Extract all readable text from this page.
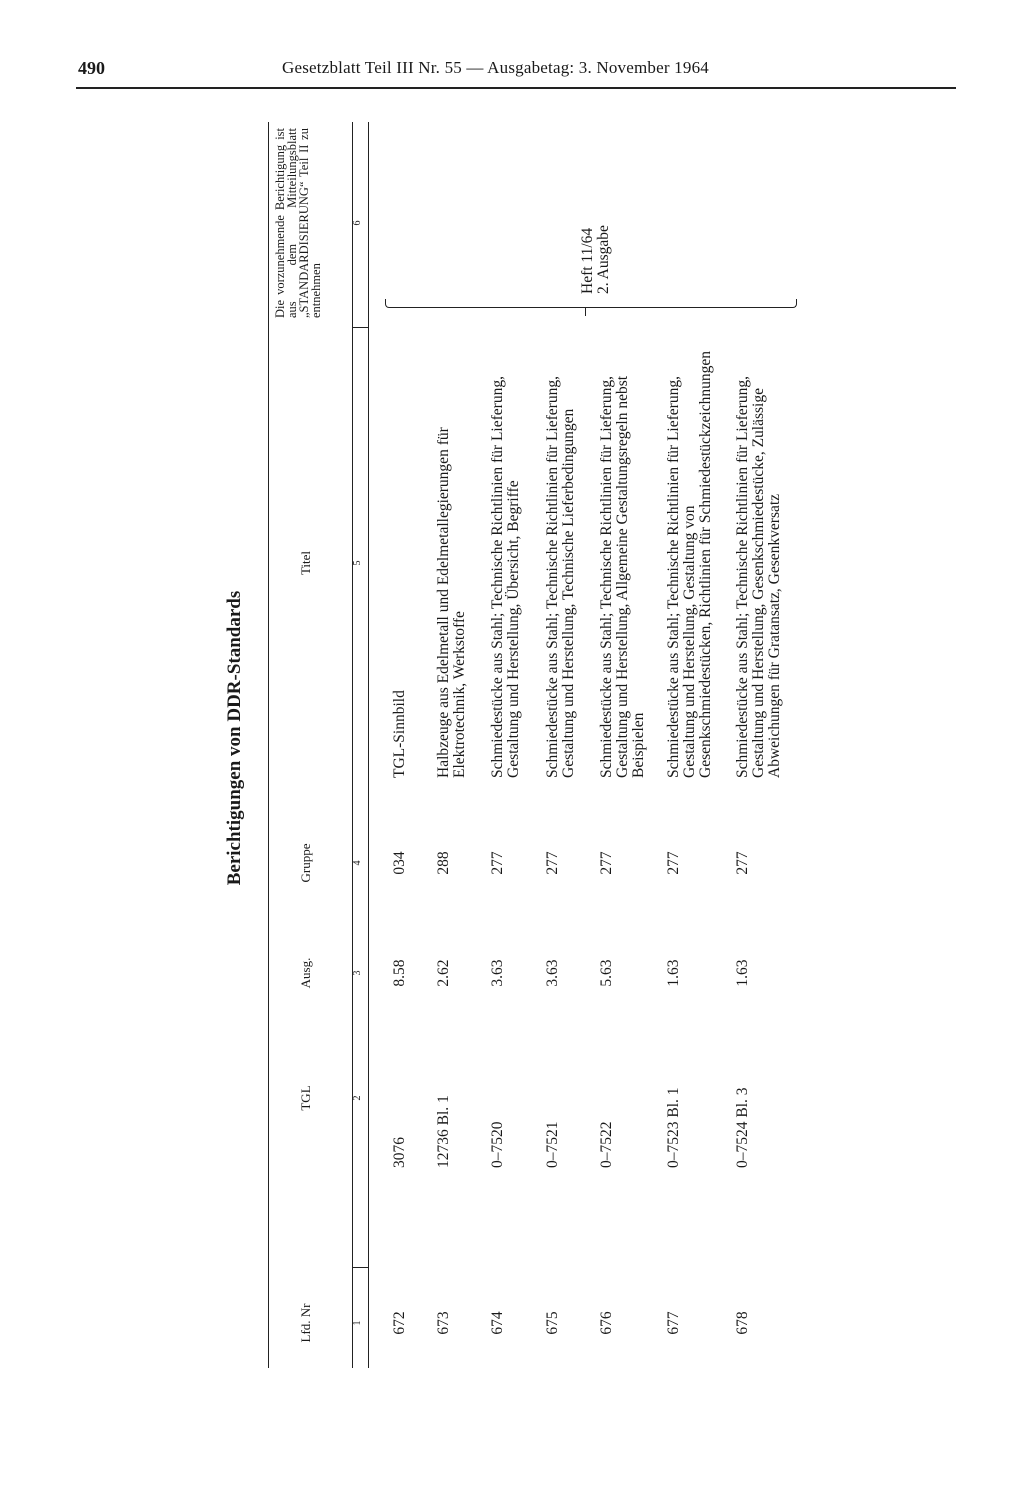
490	Gesetzblatt Teil III Nr. 55 — Ausgabetag: 3. November 1964
Berichtigungen von DDR-Standards
Lfd. Nr
TGL
Ausg.
Gruppe
Titel
Die vorzunehmende Berichtigung ist aus dem Mitteilungsblatt „STANDARDISIERUNG“ Teil II zu entnehmen
1
2
3
4
5
6
672
3076
8.58
034
TGL-Sinnbild
673
12736 Bl. 1
2.62
288
Halbzeuge aus Edelmetall und Edelmetallegierungen für Elektrotechnik, Werkstoffe
674
0–7520
3.63
277
Schmiedestücke aus Stahl; Technische Richtlinien für Lieferung, Gestaltung und Herstellung, Übersicht, Begriffe
675
0–7521
3.63
277
Schmiedestücke aus Stahl; Technische Richtlinien für Lieferung, Gestaltung und Herstellung, Technische Lieferbedingungen
676
0–7522
5.63
277
Schmiedestücke aus Stahl; Technische Richtlinien für Lieferung, Gestaltung und Herstellung, Allgemeine Gestaltungsregeln nebst Beispielen
677
0–7523 Bl. 1
1.63
277
Schmiedestücke aus Stahl; Technische Richtlinien für Lieferung, Gestaltung und Herstellung, Gestaltung von Gesenkschmiedestücken, Richtlinien für Schmiedestückzeichnungen
678
0–7524 Bl. 3
1.63
277
Schmiedestücke aus Stahl; Technische Richtlinien für Lieferung, Gestaltung und Herstellung, Gesenkschmiedestücke, Zulässige Abweichungen für Gratansatz, Gesenkversatz
Heft 11/64 2. Ausgabe
